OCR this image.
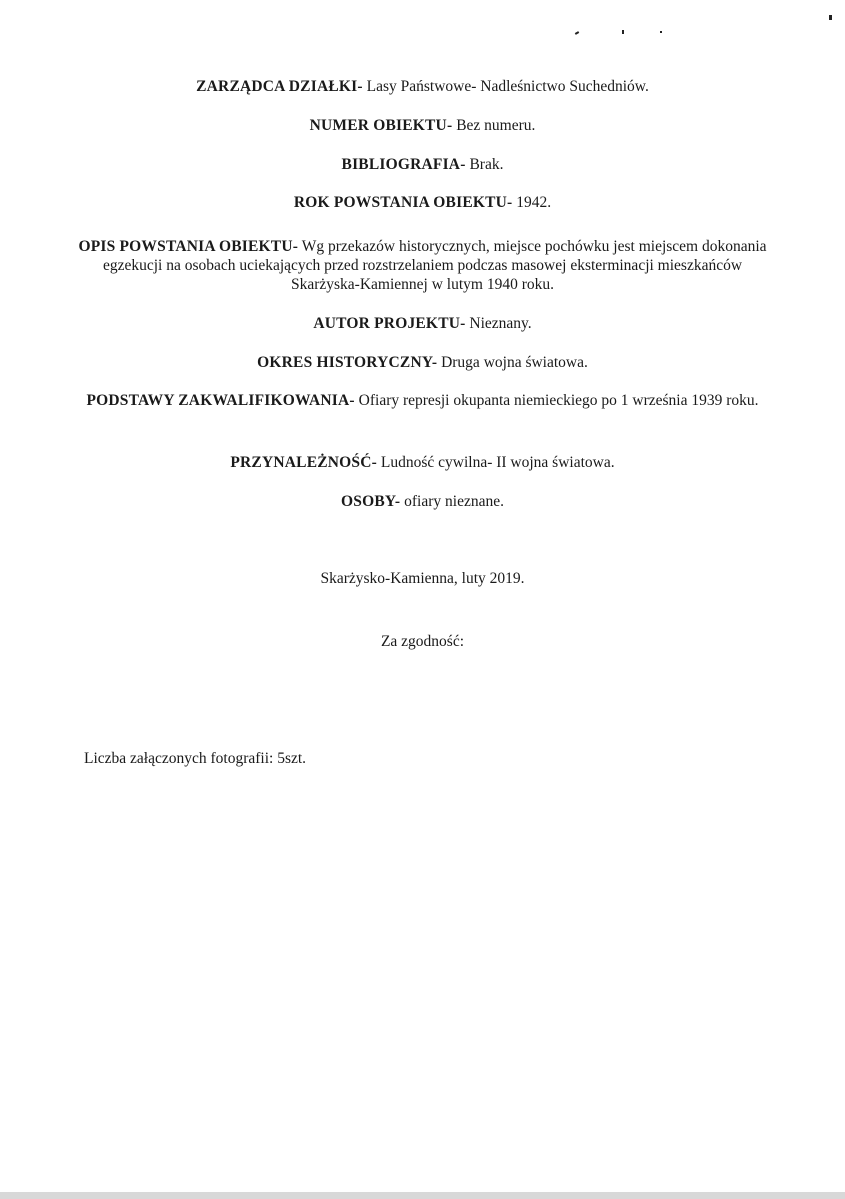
ZARZĄDCA DZIAŁKI- Lasy Państwowe- Nadleśnictwo Suchedniów.
NUMER OBIEKTU- Bez numeru.
BIBLIOGRAFIA- Brak.
ROK POWSTANIA OBIEKTU- 1942.
OPIS POWSTANIA OBIEKTU- Wg przekazów historycznych, miejsce pochówku jest miejscem dokonania egzekucji na osobach uciekających przed rozstrzelaniem podczas masowej eksterminacji mieszkańców Skarżyska-Kamiennej w lutym 1940 roku.
AUTOR PROJEKTU- Nieznany.
OKRES HISTORYCZNY- Druga wojna światowa.
PODSTAWY ZAKWALIFIKOWANIA- Ofiary represji okupanta niemieckiego po 1 września 1939 roku.
PRZYNALEŻNOŚĆ- Ludność cywilna- II wojna światowa.
OSOBY- ofiary nieznane.
Skarżysko-Kamienna, luty 2019.
Za zgodność:
Liczba załączonych fotografii: 5szt.
